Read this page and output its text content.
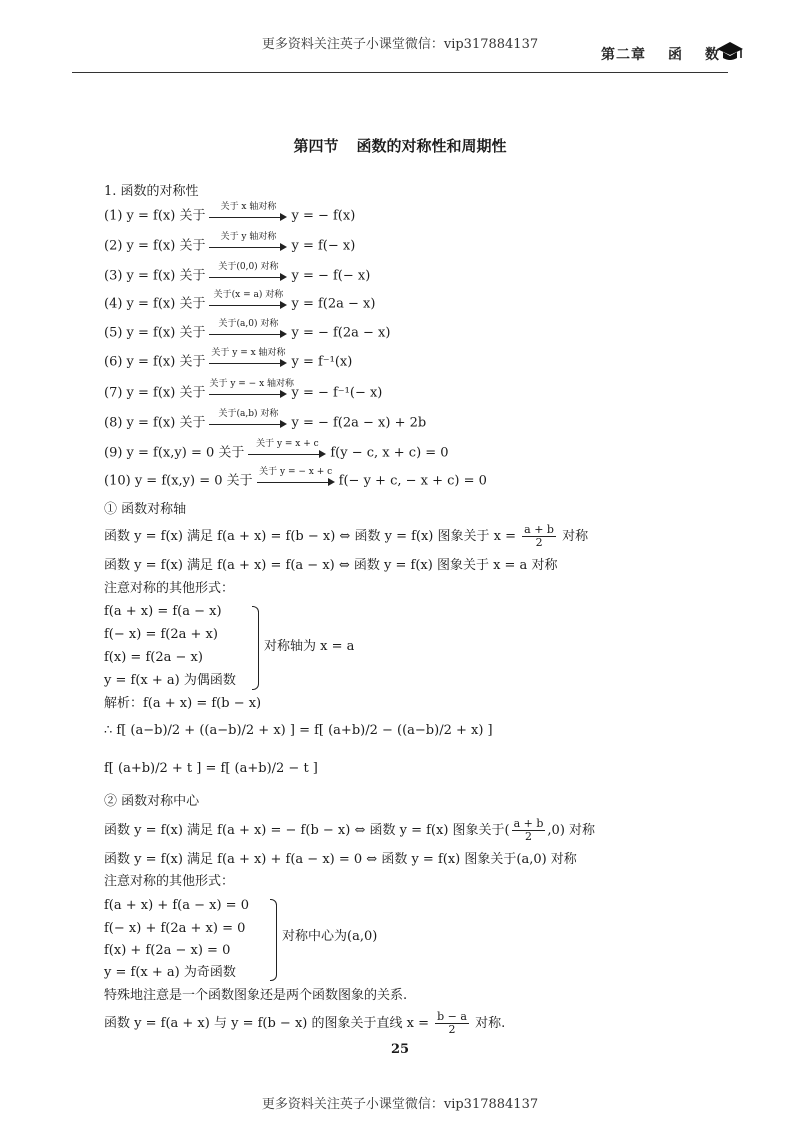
更多资料关注英子小课堂微信：vip317884137
第二章 函 数
第四节 函数的对称性和周期性
1. 函数的对称性
(1) y = f(x) 关于
关于 x 轴对称
y = − f(x)
(2) y = f(x) 关于
关于 y 轴对称
y = f(− x)
(3) y = f(x) 关于
关于(0,0) 对称
y = − f(− x)
(4) y = f(x) 关于
关于(x = a) 对称
y = f(2a − x)
(5) y = f(x) 关于
关于(a,0) 对称
y = − f(2a − x)
(6) y = f(x) 关于
关于 y = x 轴对称
y = f⁻¹(x)
(7) y = f(x) 关于
关于 y = − x 轴对称
y = − f⁻¹(− x)
(8) y = f(x) 关于
关于(a,b) 对称
y = − f(2a − x) + 2b
(9) y = f(x,y) = 0 关于
关于 y = x + c
f(y − c, x + c) = 0
(10) y = f(x,y) = 0 关于
关于 y = − x + c
f(− y + c, − x + c) = 0
① 函数对称轴
函数 y = f(x) 满足 f(a + x) = f(b − x) ⇔ 函数 y = f(x) 图象关于 $x = \frac{a + b}{2}$ 对称
函数 y = f(x) 满足 f(a + x) = f(a − x) ⇔ 函数 y = f(x) 图象关于 x = a 对称
注意对称的其他形式：
f(a + x) = f(a − x)
f(− x) = f(2a + x)
f(x) = f(2a − x)
y = f(x + a) 为偶函数
对称轴为 x = a
解析：f(a + x) = f(b − x)
∴ f[ (a−b)/2 + ((a−b)/2 + x) ] = f[ (a+b)/2 − ((a−b)/2 + x) ]
f[ (a+b)/2 + t ] = f[ (a+b)/2 − t ]
② 函数对称中心
函数 y = f(x) 满足 f(a + x) = − f(b − x) ⇔ 函数 y = f(x) 图象关于( $\frac{a + b}{2} ,0$) 对称
函数 y = f(x) 满足 f(a + x) + f(a − x) = 0 ⇔ 函数 y = f(x) 图象关于(a,0) 对称
注意对称的其他形式：
f(a + x) + f(a − x) = 0
f(− x) + f(2a + x) = 0
f(x) + f(2a − x) = 0
y = f(x + a) 为奇函数
对称中心为(a,0)
特殊地注意是一个函数图象还是两个函数图象的关系.
函数 y = f(a + x) 与 y = f(b − x) 的图象关于直线 $x = \frac{b - a}{2}$ 对称.
25
更多资料关注英子小课堂微信：vip317884137
